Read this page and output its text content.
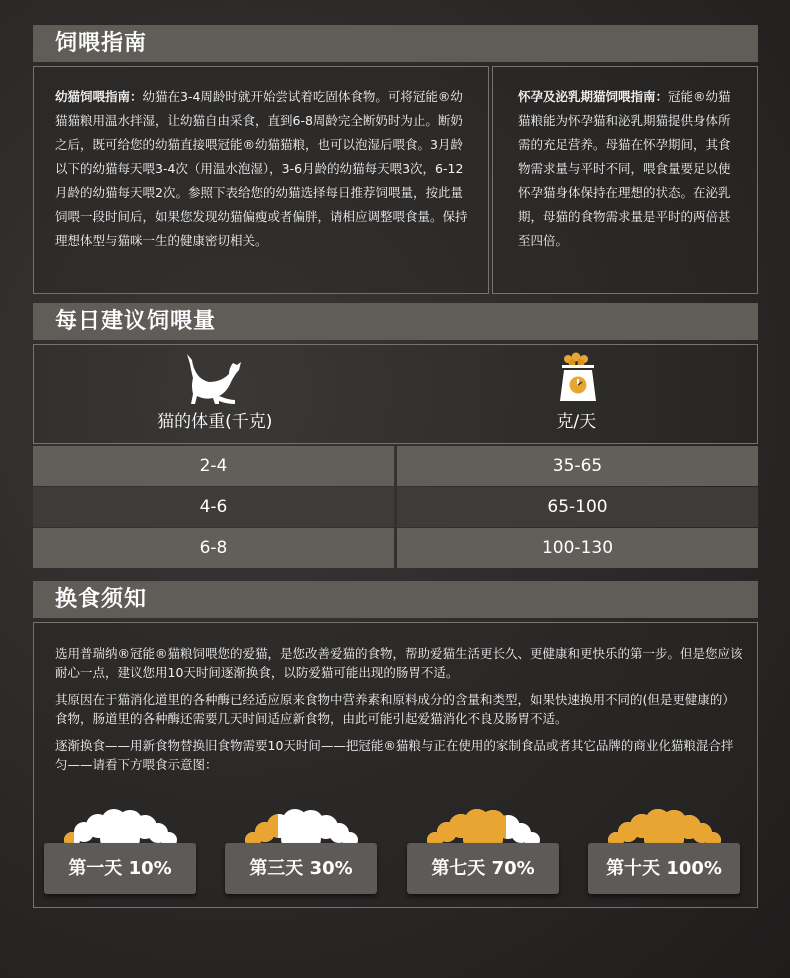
饲喂指南
幼猫饲喂指南：幼猫在3-4周龄时就开始尝试着吃固体食物。可将冠能®幼猫猫粮用温水拌湿，让幼猫自由采食，直到6-8周龄完全断奶时为止。断奶之后，既可给您的幼猫直接喂冠能®幼猫猫粮，也可以泡湿后喂食。3月龄以下的幼猫每天喂3-4次（用温水泡湿），3-6月龄的幼猫每天喂3次，6-12月龄的幼猫每天喂2次。参照下表给您的幼猫选择每日推荐饲喂量，按此量饲喂一段时间后，如果您发现幼猫偏瘦或者偏胖，请相应调整喂食量。保持理想体型与猫咪一生的健康密切相关。
怀孕及泌乳期猫饲喂指南：冠能®幼猫猫粮能为怀孕猫和泌乳期猫提供身体所需的充足营养。母猫在怀孕期间，其食物需求量与平时不同，喂食量要足以使怀孕猫身体保持在理想的状态。在泌乳期，母猫的食物需求量是平时的两倍甚至四倍。
每日建议饲喂量
猫的体重(千克)	克/天
2-4	35-65
4-6	65-100
6-8	100-130
换食须知

选用普瑞纳®冠能®猫粮饲喂您的爱猫，是您改善爱猫的食物，帮助爱猫生活更长久、更健康和更快乐的第一步。但是您应该耐心一点，建议您用10天时间逐渐换食，以防爱猫可能出现的肠胃不适。

其原因在于猫消化道里的各种酶已经适应原来食物中营养素和原料成分的含量和类型，如果快速换用不同的(但是更健康的）食物，肠道里的各种酶还需要几天时间适应新食物，由此可能引起爱猫消化不良及肠胃不适。

逐渐换食——用新食物替换旧食物需要10天时间——把冠能®猫粮与正在使用的家制食品或者其它品牌的商业化猫粮混合拌匀——请看下方喂食示意图：

第一天 10%	第三天 30%	第七天 70%	第十天 100%
